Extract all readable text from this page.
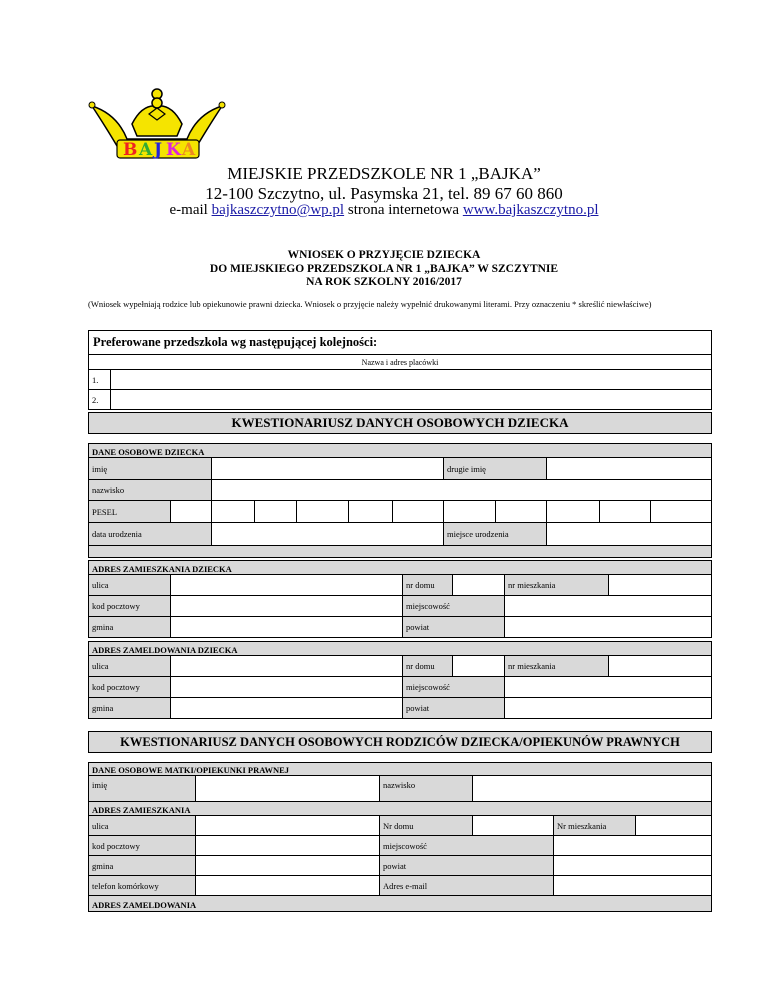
B A J K A
MIEJSKIE PRZEDSZKOLE NR 1 „BAJKA”
12-100 Szczytno, ul. Pasymska 21, tel. 89 67 60 860
e-mail bajkaszczytno@wp.pl strona internetowa www.bajkaszczytno.pl
WNIOSEK O PRZYJĘCIE DZIECKA
DO MIEJSKIEGO PRZEDSZKOLA NR 1 „BAJKA” W SZCZYTNIE
NA ROK SZKOLNY 2016/2017
(Wniosek wypełniają rodzice lub opiekunowie prawni dziecka. Wniosek o przyjęcie należy wypełnić drukowanymi literami. Przy oznaczeniu * skreślić niewłaściwe)
Preferowane przedszkola wg następującej kolejności:	
Nazwa i adres placówki	
1.	
2.	
KWESTIONARIUSZ DANYCH OSOBOWYCH DZIECKA
DANE OSOBOWE DZIECKA											
imię							drugie imię				
nazwisko											
PESEL											
data urodzenia							miejsce urodzenia				

ADRES ZAMIESZKANIA DZIECKA					
ulica		nr domu		nr mieszkania	
kod pocztowy		miejscowość			
gmina		powiat			
ADRES ZAMELDOWANIA DZIECKA					
ulica		nr domu		nr mieszkania	
kod pocztowy		miejscowość			
gmina		powiat			
KWESTIONARIUSZ DANYCH OSOBOWYCH RODZICÓW DZIECKA/OPIEKUNÓW PRAWNYCH
DANE OSOBOWE MATKI/OPIEKUNKI PRAWNEJ					
imię		nazwisko			
ADRES ZAMIESZKANIA					
ulica		Nr domu		Nr mieszkania	
kod pocztowy		miejscowość			
gmina		powiat			
telefon komórkowy		Adres e-mail			
ADRES ZAMELDOWANIA					
